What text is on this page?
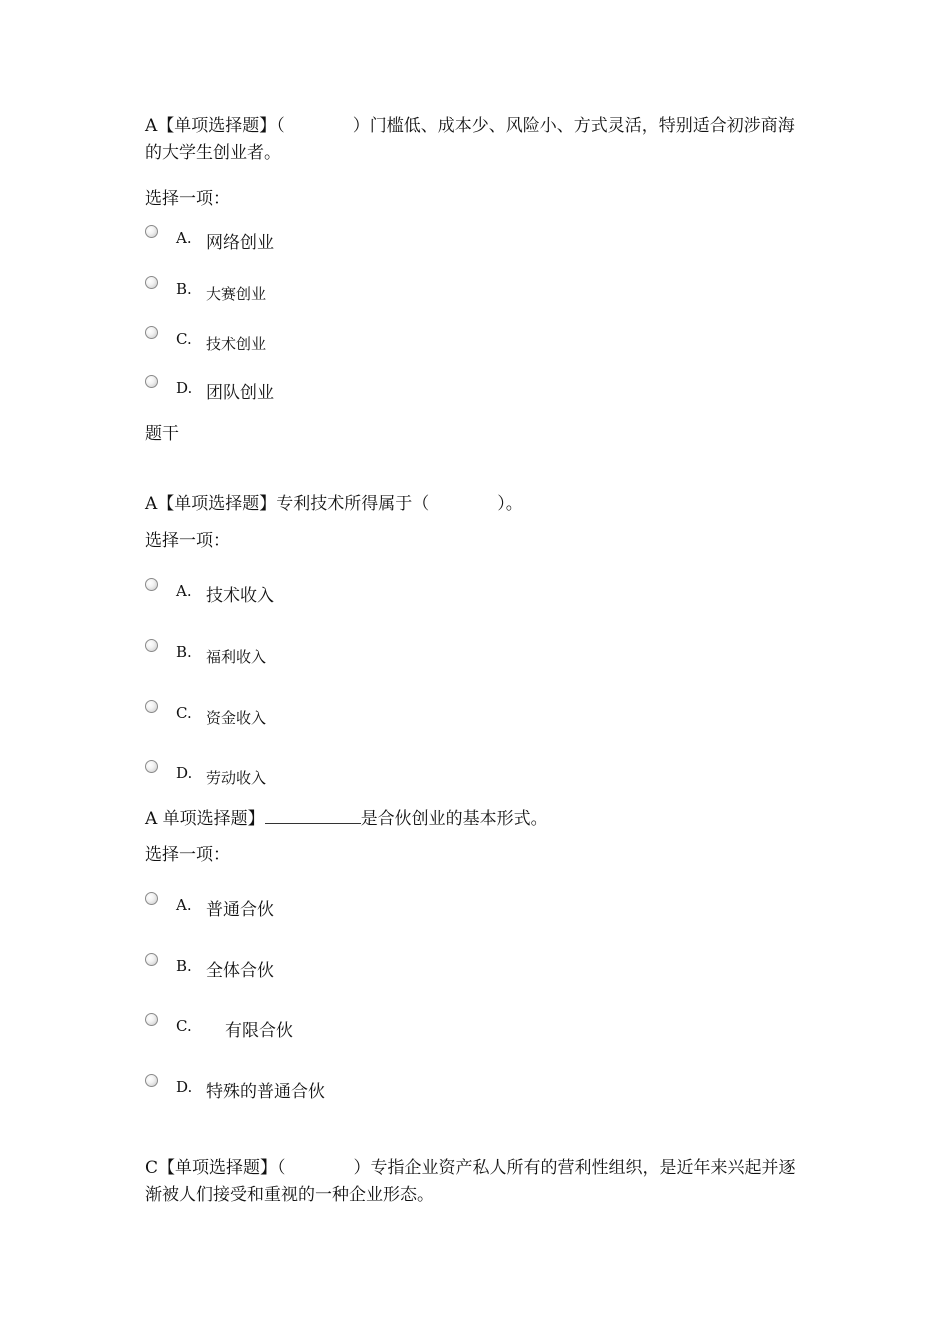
A【单项选择题】（　　　　）门槛低、成本少、风险小、方式灵活，特别适合初涉商海的大学生创业者。
选择一项：
A. 网络创业
B. 大赛创业
C. 技术创业
D. 团队创业
题干
A【单项选择题】专利技术所得属于（　　　　）。
选择一项：
A. 技术收入
B. 福利收入
C. 资金收入
D. 劳动收入
A 单项选择题】	是合伙创业的基本形式。
选择一项：
A. 普通合伙
B. 全体合伙
C. 有限合伙
D. 特殊的普通合伙
C【单项选择题】（　　　　）专指企业资产私人所有的营利性组织，是近年来兴起并逐渐被人们接受和重视的一种企业形态。
